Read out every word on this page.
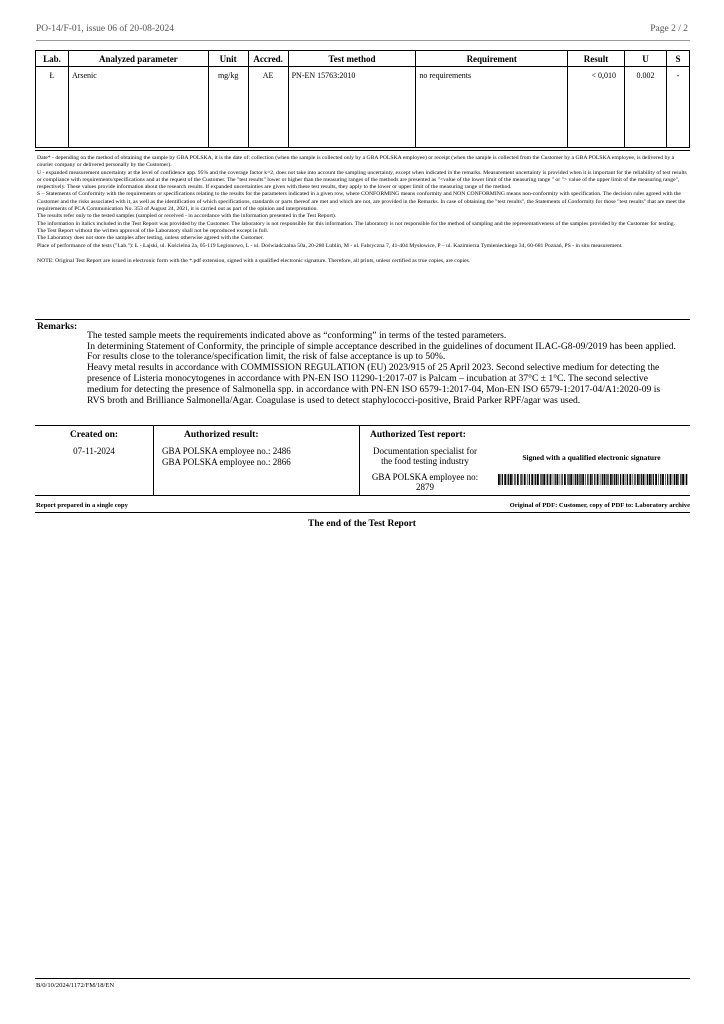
PO-14/F-01, issue 06 of 20-08-2024	Page 2 / 2
Lab.	Analyzed parameter	Unit	Accred.	Test method	Requirement	Result	U	S
Ł	Arsenic	mg/kg	AE	PN-EN 15763:2010	no requirements	< 0,010	0.002	-

Date* - depending on the method of obtaining the sample by GBA POLSKA, it is the date of: collection (when the sample is collected only by a GBA POLSKA employee) or receipt (when the sample is collected from the Customer by a GBA POLSKA employee, is delivered by a courier company or delivered personally by the Customer).

U - expanded measurement uncertainty at the level of confidence app. 95% and the coverage factor k=2, does not take into account the sampling uncertainty, except when indicated in the remarks. Measurement uncertainty is provided when it is important for the reliability of test results or compliance with requirements/specifications and at the request of the Customer. The "test results" lower or higher than the measuring ranges of the methods are presented as "<value of the lower limit of the measuring range " or "> value of the upper limit of the measuring range", respectively. These values provide information about the research results. If expanded uncertainties are given with these test results, they apply to the lower or upper limit of the measuring range of the method.

S – Statements of Conformity with the requirements or specifications relating to the results for the parameters indicated in a given row, where CONFORMING means conformity and NON CONFORMING means non-conformity with specification. The decision rules agreed with the Customer and the risks associated with it, as well as the identification of which specifications, standards or parts thereof are met and which are not, are provided in the Remarks. In case of obtaining the "test results", the Statements of Conformity for those "test results" that are meet the requirements of PCA Communication No. 353 of August 24, 2021, it is carried out as part of the opinion and interpretation.

The results refer only to the tested samples (sampled or received - in accordance with the information presented in the Test Report).

The information in italics included in the Test Report was provided by the Customer. The laboratory is not responsible for this information. The laboratory is not responsible for the method of sampling and the representativeness of the samples provided by the Customer for testing.

The Test Report without the written approval of the Laboratory shall not be reproduced except in full.

The Laboratory does not store the samples after testing, unless otherwise agreed with the Customer.

Place of performance of the tests ("Lab."): Ł - Łajski, ul. Kościelna 2a, 05-119 Legionowo, L - ul. Doświadczalna 50a, 20-280 Lublin, M - ul. Fabryczna 7, 41-404 Mysłowice, P – ul. Kazimierza Tymienieckiego 34, 60-681 Poznań, PS - in situ measurement.

NOTE: Original Test Report are issued in electronic form with the *.pdf extension, signed with a qualified electronic signature. Therefore, all prints, unless certified as true copies, are copies.

Remarks:

The tested sample meets the requirements indicated above as “conforming” in terms of the tested parameters.

In determining Statement of Conformity, the principle of simple acceptance described in the guidelines of document ILAC-G8-09/2019 has been applied. For results close to the tolerance/specification limit, the risk of false acceptance is up to 50%.

Heavy metal results in accordance with COMMISSION REGULATION (EU) 2023/915 of 25 April 2023. Second selective medium for detecting the presence of Listeria monocytogenes in accordance with PN-EN ISO 11290-1:2017-07 is Palcam – incubation at 37°C ± 1°C. The second selective medium for detecting the presence of Salmonella spp. in accordance with PN-EN ISO 6579-1:2017-04, Mon-EN ISO 6579-1:2017-04/A1:2020-09 is RVS broth and Brilliance Salmonella/Agar. Coagulase is used to detect staphylococci-positive, Braid Parker RPF/agar was used.

Created on:
07-11-2024
Authorized result:
GBA POLSKA employee no.: 2486
GBA POLSKA employee no.: 2866
Authorized Test report:
Documentation specialist for
the food testing industry
GBA POLSKA employee no:
2879
Signed with a qualified electronic signature
Report prepared in a single copy	Original of PDF: Customer, copy of PDF to: Laboratory archive
The end of the Test Report
B/0/10/2024/1172/FM/18/EN
